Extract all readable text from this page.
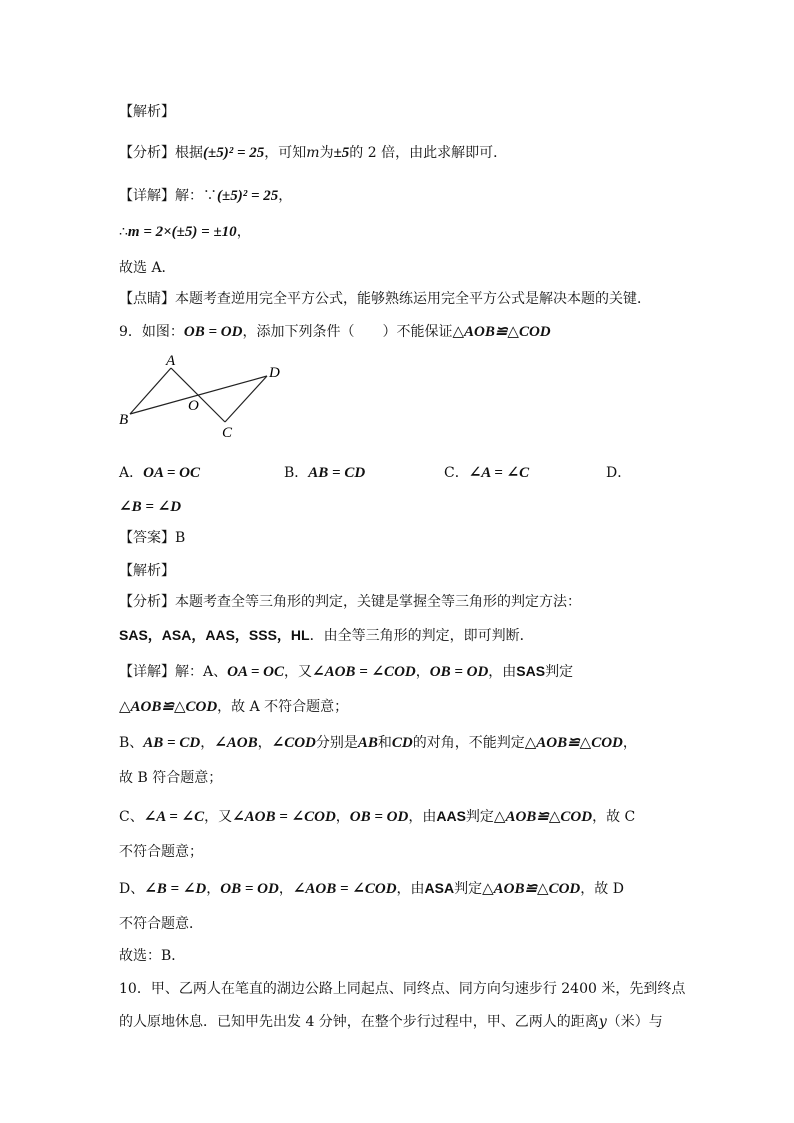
【解析】
【分析】根据(±5)² = 25，可知m为±5的 2 倍，由此求解即可．
【详解】解：∵(±5)² = 25，
∴m = 2×(±5) = ±10，
故选 A．
【点睛】本题考查逆用完全平方公式，能够熟练运用完全平方公式是解决本题的关键．
9．如图：OB = OD，添加下列条件（　　）不能保证△AOB≌△COD
A
B
C
D
O
A．OA = OC	B．AB = CD	C．∠A = ∠C	D．
∠B = ∠D
【答案】B
【解析】
【分析】本题考查全等三角形的判定，关键是掌握全等三角形的判定方法：
SAS，ASA，AAS，SSS，HL．由全等三角形的判定，即可判断．
【详解】解：A、OA = OC，又∠AOB = ∠COD，OB = OD，由SAS判定
△AOB≌△COD，故 A 不符合题意；
B、AB = CD，∠AOB，∠COD分别是AB和CD的对角，不能判定△AOB≌△COD，
故 B 符合题意；
C、∠A = ∠C，又∠AOB = ∠COD，OB = OD，由AAS判定△AOB≌△COD，故 C
不符合题意；
D、∠B = ∠D，OB = OD，∠AOB = ∠COD，由ASA判定△AOB≌△COD，故 D
不符合题意．
故选：B．
10．甲、乙两人在笔直的湖边公路上同起点、同终点、同方向匀速步行 2400 米，先到终点
的人原地休息．已知甲先出发 4 分钟，在整个步行过程中，甲、乙两人的距离y（米）与
